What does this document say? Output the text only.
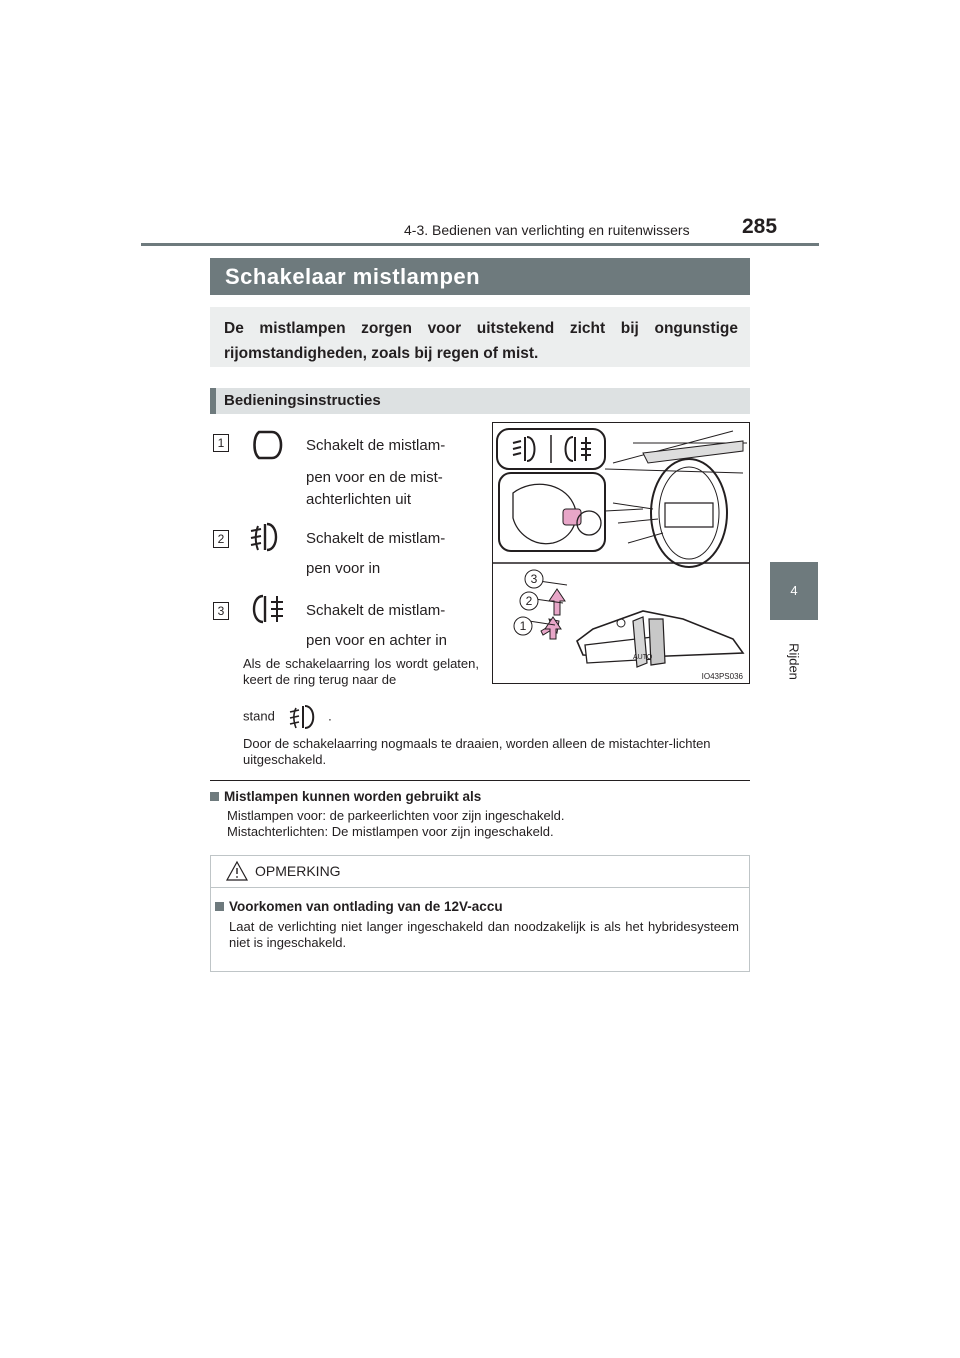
4-3. Bedienen van verlichting en ruitenwissers 285
4
Rijden
Schakelaar mistlampen
De mistlampen zorgen voor uitstekend zicht bij ongunstige rijomstandigheden, zoals bij regen of mist.
Bedieningsinstructies
1	Schakelt de mistlam-

pen voor en de mist-

achterlichten uit

2	Schakelt de mistlam-

pen voor in

3	Schakelt de mistlam-

pen voor en achter in

Als de schakelaarring los wordt gelaten, keert de ring terug naar de
stand	.
Door de schakelaarring nogmaals te draaien, worden alleen de mistachter-lichten uitgeschakeld.
AUTO
3
2
1
IO43PS036
Mistlampen kunnen worden gebruikt als
Mistlampen voor: de parkeerlichten voor zijn ingeschakeld.
Mistachterlichten: De mistlampen voor zijn ingeschakeld.
OPMERKING
Voorkomen van ontlading van de 12V-accu
Laat de verlichting niet langer ingeschakeld dan noodzakelijk is als het hybridesysteem niet is ingeschakeld.
